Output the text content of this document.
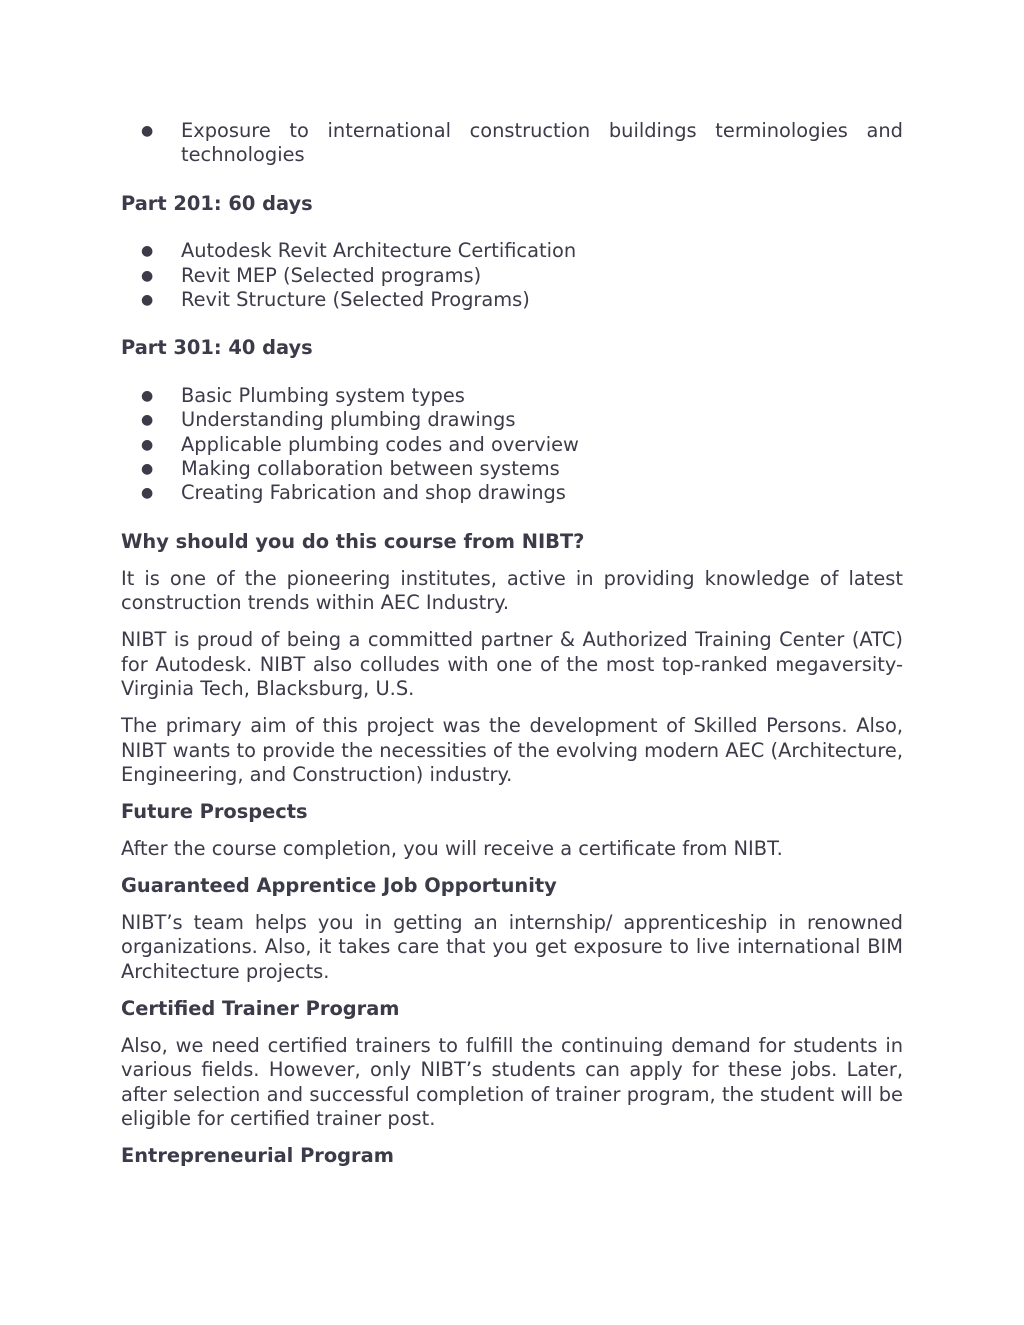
● Exposure to international construction buildings terminologies and technologies
Part 201: 60 days
● Autodesk Revit Architecture Certification
● Revit MEP (Selected programs)
● Revit Structure (Selected Programs)
Part 301: 40 days
● Basic Plumbing system types
● Understanding plumbing drawings
● Applicable plumbing codes and overview
● Making collaboration between systems
● Creating Fabrication and shop drawings
Why should you do this course from NIBT?

It is one of the pioneering institutes, active in providing knowledge of latest construction trends within AEC Industry.

NIBT is proud of being a committed partner & Authorized Training Center (ATC) for Autodesk. NIBT also colludes with one of the most top-ranked megaversity- Virginia Tech, Blacksburg, U.S.

The primary aim of this project was the development of Skilled Persons. Also, NIBT wants to provide the necessities of the evolving modern AEC (Architecture, Engineering, and Construction) industry.

Future Prospects

After the course completion, you will receive a certificate from NIBT.

Guaranteed Apprentice Job Opportunity

NIBT’s team helps you in getting an internship/ apprenticeship in renowned organizations. Also, it takes care that you get exposure to live international BIM Architecture projects.

Certified Trainer Program

Also, we need certified trainers to fulfill the continuing demand for students in various fields. However, only NIBT’s students can apply for these jobs. Later, after selection and successful completion of trainer program, the student will be eligible for certified trainer post.

Entrepreneurial Program
